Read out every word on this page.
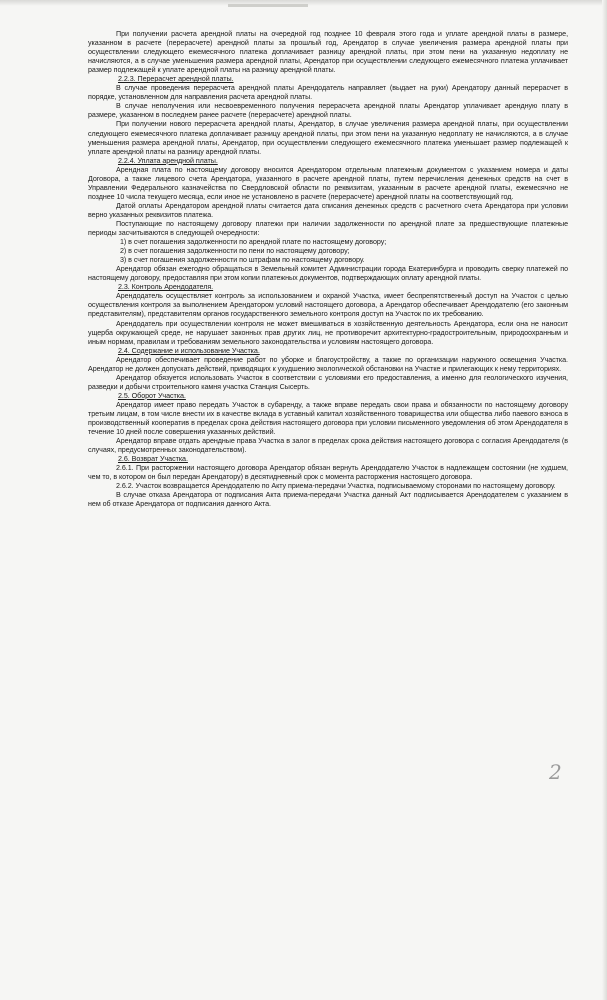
При получении расчета арендной платы на очередной год позднее 10 февраля этого года и уплате арендной платы в размере, указанном в расчете (перерасчете) арендной платы за прошлый год, Арендатор в случае увеличения размера арендной платы при осуществлении следующего ежемесячного платежа доплачивает разницу арендной платы, при этом пени на указанную недоплату не начисляются, а в случае уменьшения размера арендной платы, Арендатор при осуществлении следующего ежемесячного платежа уплачивает размер подлежащей к уплате арендной платы на разницу арендной платы.

2.2.3. Перерасчет арендной платы.

В случае проведения перерасчета арендной платы Арендодатель направляет (выдает на руки) Арендатору данный перерасчет в порядке, установленном для направления расчета арендной платы.

В случае неполучения или несвоевременного получения перерасчета арендной платы Арендатор уплачивает арендную плату в размере, указанном в последнем ранее расчете (перерасчете) арендной платы.

При получении нового перерасчета арендной платы, Арендатор, в случае увеличения размера арендной платы, при осуществлении следующего ежемесячного платежа доплачивает разницу арендной платы, при этом пени на указанную недоплату не начисляются, а в случае уменьшения размера арендной платы, Арендатор, при осуществлении следующего ежемесячного платежа уменьшает размер подлежащей к уплате арендной платы на разницу арендной платы.

2.2.4. Уплата арендной платы.

Арендная плата по настоящему договору вносится Арендатором отдельным платежным документом с указанием номера и даты Договора, а также лицевого счета Арендатора, указанного в расчете арендной платы, путем перечисления денежных средств на счет в Управлении Федерального казначейства по Свердловской области по реквизитам, указанным в расчете арендной платы, ежемесячно не позднее 10 числа текущего месяца, если иное не установлено в расчете (перерасчете) арендной платы на соответствующий год.

Датой оплаты Арендатором арендной платы считается дата списания денежных средств с расчетного счета Арендатора при условии верно указанных реквизитов платежа.

Поступающие по настоящему договору платежи при наличии задолженности по арендной плате за предшествующие платежные периоды засчитываются в следующей очередности:

1) в счет погашения задолженности по арендной плате по настоящему договору;

2) в счет погашения задолженности по пени по настоящему договору;

3) в счет погашения задолженности по штрафам по настоящему договору.

Арендатор обязан ежегодно обращаться в Земельный комитет Администрации города Екатеринбурга и проводить сверку платежей по настоящему договору, предоставляя при этом копии платежных документов, подтверждающих оплату арендной платы.

2.3. Контроль Арендодателя.

Арендодатель осуществляет контроль за использованием и охраной Участка, имеет беспрепятственный доступ на Участок с целью осуществления контроля за выполнением Арендатором условий настоящего договора, а Арендатор обеспечивает Арендодателю (его законным представителям), представителям органов государственного земельного контроля доступ на Участок по их требованию.

Арендодатель при осуществлении контроля не может вмешиваться в хозяйственную деятельность Арендатора, если она не наносит ущерба окружающей среде, не нарушает законных прав других лиц, не противоречит архитектурно-градостроительным, природоохранным и иным нормам, правилам и требованиям земельного законодательства и условиям настоящего договора.

2.4. Содержание и использование Участка.

Арендатор обеспечивает проведение работ по уборке и благоустройству, а также по организации наружного освещения Участка. Арендатор не должен допускать действий, приводящих к ухудшению экологической обстановки на Участке и прилегающих к нему территориях.

Арендатор обязуется использовать Участок в соответствии с условиями его предоставления, а именно для геологического изучения, разведки и добычи строительного камня участка Станция Сысерть.

2.5. Оборот Участка.

Арендатор имеет право передать Участок в субаренду, а также вправе передать свои права и обязанности по настоящему договору третьим лицам, в том числе внести их в качестве вклада в уставный капитал хозяйственного товарищества или общества либо паевого взноса в производственный кооператив в пределах срока действия настоящего договора при условии письменного уведомления об этом Арендодателя в течение 10 дней после совершения указанных действий.

Арендатор вправе отдать арендные права Участка в залог в пределах срока действия настоящего договора с согласия Арендодателя (в случаях, предусмотренных законодательством).

2.6. Возврат Участка.

2.6.1. При расторжении настоящего договора Арендатор обязан вернуть Арендодателю Участок в надлежащем состоянии (не худшем, чем то, в котором он был передан Арендатору) в десятидневный срок с момента расторжения настоящего договора.

2.6.2. Участок возвращается Арендодателю по Акту приема-передачи Участка, подписываемому сторонами по настоящему договору.

В случае отказа Арендатора от подписания Акта приема-передачи Участка данный Акт подписывается Арендодателем с указанием в нем об отказе Арендатора от подписания данного Акта.

2
